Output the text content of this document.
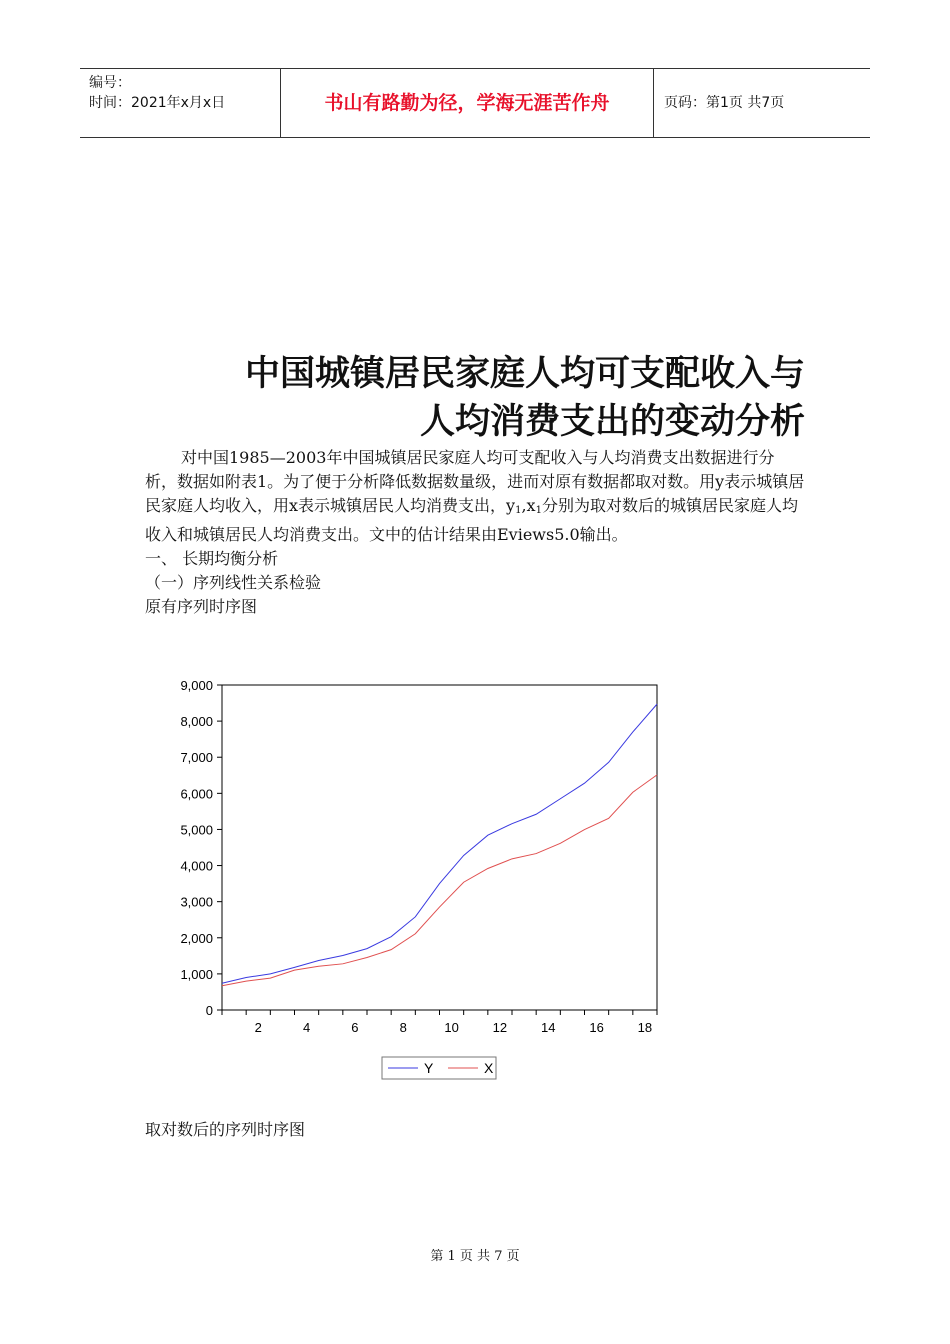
编号：
时间：2021年x月x日	书山有路勤为径，学海无涯苦作舟	页码：第1页 共7页
中国城镇居民家庭人均可支配收入与
人均消费支出的变动分析

对中国1985—2003年中国城镇居民家庭人均可支配收入与人均消费支出数据进行分析，数据如附表1。为了便于分析降低数据数量级，进而对原有数据都取对数。用y表示城镇居民家庭人均收入，用x表示城镇居民人均消费支出，$y_1,x_1$分别为取对数后的城镇居民家庭人均收入和城镇居民人均消费支出。文中的估计结果由Eviews5.0输出。

一、 长期均衡分析

（一）序列线性关系检验

原有序列时序图

0
1,000
2,000
3,000
4,000
5,000
6,000
7,000
8,000
9,000
2	4	6	8	10	12	14	16	18
Y	X
取对数后的序列时序图
第 1 页 共 7 页
